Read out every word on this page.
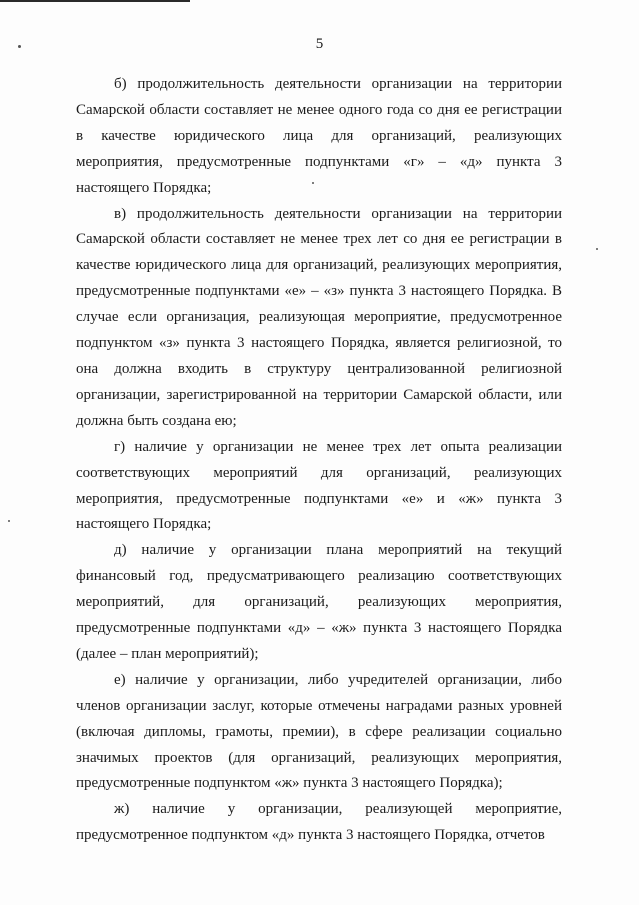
5

б) продолжительность деятельности организации на территории Самарской области составляет не менее одного года со дня ее регистрации в качестве юридического лица для организаций, реализующих мероприятия, предусмотренные подпунктами «г» – «д» пункта 3 настоящего Порядка;

в) продолжительность деятельности организации на территории Самарской области составляет не менее трех лет со дня ее регистрации в качестве юридического лица для организаций, реализующих мероприятия, предусмотренные подпунктами «е» – «з» пункта 3 настоящего Порядка. В случае если организация, реализующая мероприятие, предусмотренное подпунктом «з» пункта 3 настоящего Порядка, является религиозной, то она должна входить в структуру централизованной религиозной организации, зарегистрированной на территории Самарской области, или должна быть создана ею;

г) наличие у организации не менее трех лет опыта реализации соответствующих мероприятий для организаций, реализующих мероприятия, предусмотренные подпунктами «е» и «ж» пункта 3 настоящего Порядка;

д) наличие у организации плана мероприятий на текущий финансовый год, предусматривающего реализацию соответствующих мероприятий, для организаций, реализующих мероприятия, предусмотренные подпунктами «д» – «ж» пункта 3 настоящего Порядка (далее – план мероприятий);

е) наличие у организации, либо учредителей организации, либо членов организации заслуг, которые отмечены наградами разных уровней (включая дипломы, грамоты, премии), в сфере реализации социально значимых проектов (для организаций, реализующих мероприятия, предусмотренные подпунктом «ж» пункта 3 настоящего Порядка);

ж) наличие у организации, реализующей мероприятие, предусмотренное подпунктом «д» пункта 3 настоящего Порядка, отчетов
